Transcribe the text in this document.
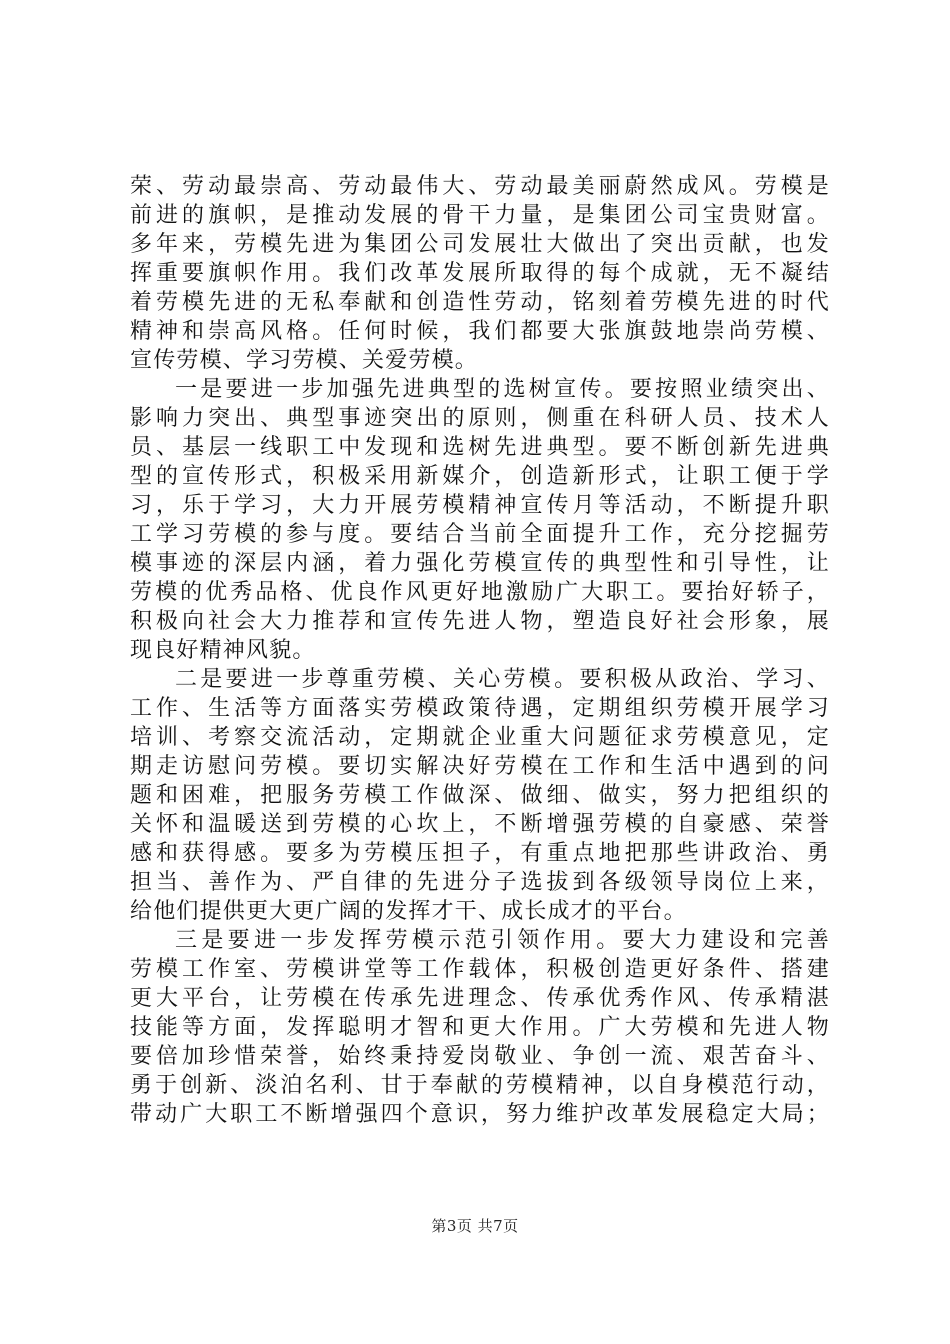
荣、劳动最崇高、劳动最伟大、劳动最美丽蔚然成风。劳模是
前进的旗帜，是推动发展的骨干力量，是集团公司宝贵财富。
多年来，劳模先进为集团公司发展壮大做出了突出贡献，也发
挥重要旗帜作用。我们改革发展所取得的每个成就，无不凝结
着劳模先进的无私奉献和创造性劳动，铭刻着劳模先进的时代
精神和崇高风格。任何时候，我们都要大张旗鼓地崇尚劳模、
宣传劳模、学习劳模、关爱劳模。
一是要进一步加强先进典型的选树宣传。要按照业绩突出、
影响力突出、典型事迹突出的原则，侧重在科研人员、技术人
员、基层一线职工中发现和选树先进典型。要不断创新先进典
型的宣传形式，积极采用新媒介，创造新形式，让职工便于学
习，乐于学习，大力开展劳模精神宣传月等活动，不断提升职
工学习劳模的参与度。要结合当前全面提升工作，充分挖掘劳
模事迹的深层内涵，着力强化劳模宣传的典型性和引导性，让
劳模的优秀品格、优良作风更好地激励广大职工。要抬好轿子，
积极向社会大力推荐和宣传先进人物，塑造良好社会形象，展
现良好精神风貌。
二是要进一步尊重劳模、关心劳模。要积极从政治、学习、
工作、生活等方面落实劳模政策待遇，定期组织劳模开展学习
培训、考察交流活动，定期就企业重大问题征求劳模意见，定
期走访慰问劳模。要切实解决好劳模在工作和生活中遇到的问
题和困难，把服务劳模工作做深、做细、做实，努力把组织的
关怀和温暖送到劳模的心坎上，不断增强劳模的自豪感、荣誉
感和获得感。要多为劳模压担子，有重点地把那些讲政治、勇
担当、善作为、严自律的先进分子选拔到各级领导岗位上来，
给他们提供更大更广阔的发挥才干、成长成才的平台。
三是要进一步发挥劳模示范引领作用。要大力建设和完善
劳模工作室、劳模讲堂等工作载体，积极创造更好条件、搭建
更大平台，让劳模在传承先进理念、传承优秀作风、传承精湛
技能等方面，发挥聪明才智和更大作用。广大劳模和先进人物
要倍加珍惜荣誉，始终秉持爱岗敬业、争创一流、艰苦奋斗、
勇于创新、淡泊名利、甘于奉献的劳模精神，以自身模范行动，
带动广大职工不断增强四个意识，努力维护改革发展稳定大局；
第3页 共7页
